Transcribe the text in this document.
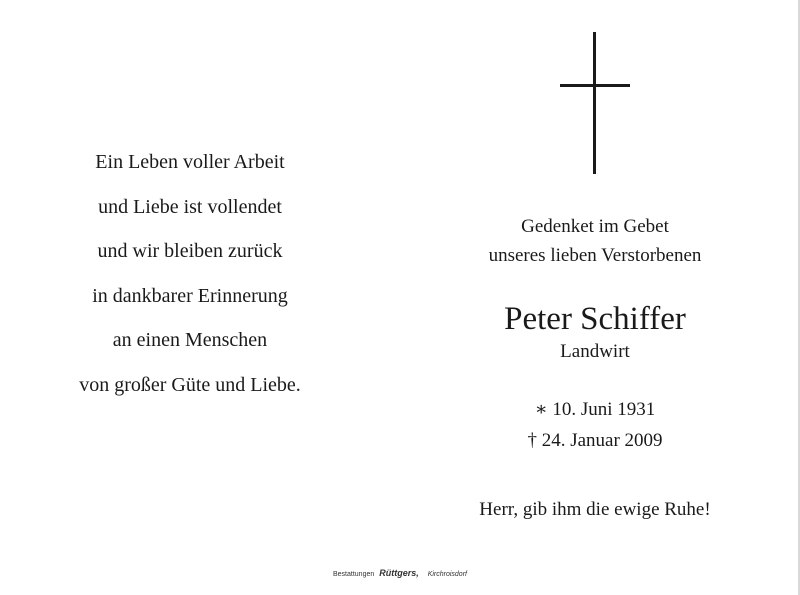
Ein Leben voller Arbeit
und Liebe ist vollendet
und wir bleiben zurück
in dankbarer Erinnerung
an einen Menschen
von großer Güte und Liebe.
Gedenket im Gebet
unseres lieben Verstorbenen
Peter Schiffer
Landwirt
∗ 10. Juni 1931
† 24. Januar 2009
Herr, gib ihm die ewige Ruhe!
Bestattungen Rüttgers, Kirchroisdorf
